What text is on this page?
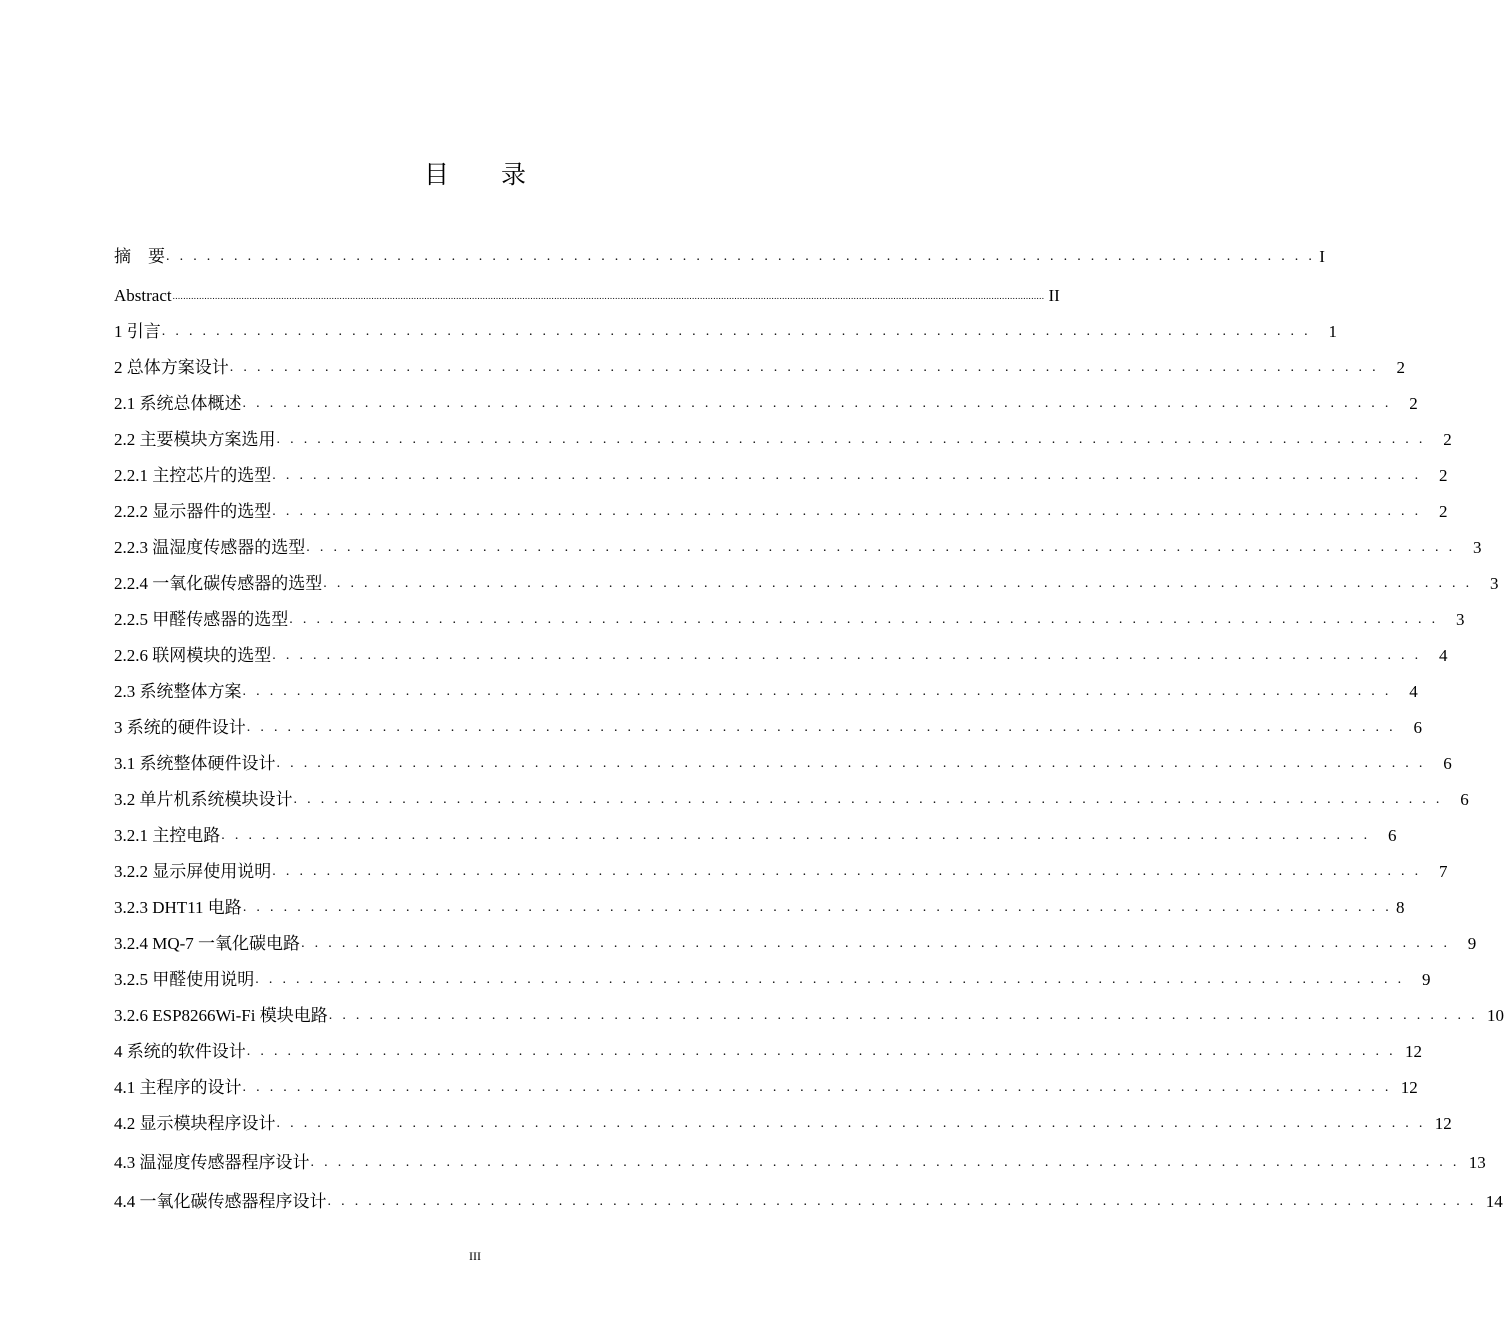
目 录
摘　要 . . . . . . . . . . . . . . . . . . . . . . . . . . . . . . . . . . . . . . . . . . . . . . . . . . . . . . . . . . . . . . . . . . . . . . . . . . . . . . . . . . . . . I
Abstract ......................................................................................................................................................................................................................................................................................................................................... II
1 引言 . . . . . . . . . . . . . . . . . . . . . . . . . . . . . . . . . . . . . . . . . . . . . . . . . . . . . . . . . . . . . . . . . . . . . . . . . . . . . . . . . . . . .	1
2 总体方案设计 . . . . . . . . . . . . . . . . . . . . . . . . . . . . . . . . . . . . . . . . . . . . . . . . . . . . . . . . . . . . . . . . . . . . . . . . . . . . . . . . . . . . .	2
2.1 系统总体概述 . . . . . . . . . . . . . . . . . . . . . . . . . . . . . . . . . . . . . . . . . . . . . . . . . . . . . . . . . . . . . . . . . . . . . . . . . . . . . . . . . . . . .	2
2.2 主要模块方案选用 . . . . . . . . . . . . . . . . . . . . . . . . . . . . . . . . . . . . . . . . . . . . . . . . . . . . . . . . . . . . . . . . . . . . . . . . . . . . . . . . . . . . .	2
2.2.1 主控芯片的选型 . . . . . . . . . . . . . . . . . . . . . . . . . . . . . . . . . . . . . . . . . . . . . . . . . . . . . . . . . . . . . . . . . . . . . . . . . . . . . . . . . . . . .	2
2.2.2 显示器件的选型 . . . . . . . . . . . . . . . . . . . . . . . . . . . . . . . . . . . . . . . . . . . . . . . . . . . . . . . . . . . . . . . . . . . . . . . . . . . . . . . . . . . . .	2
2.2.3 温湿度传感器的选型 . . . . . . . . . . . . . . . . . . . . . . . . . . . . . . . . . . . . . . . . . . . . . . . . . . . . . . . . . . . . . . . . . . . . . . . . . . . . . . . . . . . . .	3
2.2.4 一氧化碳传感器的选型 . . . . . . . . . . . . . . . . . . . . . . . . . . . . . . . . . . . . . . . . . . . . . . . . . . . . . . . . . . . . . . . . . . . . . . . . . . . . . . . . . . . . .	3
2.2.5 甲醛传感器的选型 . . . . . . . . . . . . . . . . . . . . . . . . . . . . . . . . . . . . . . . . . . . . . . . . . . . . . . . . . . . . . . . . . . . . . . . . . . . . . . . . . . . . .	3
2.2.6 联网模块的选型 . . . . . . . . . . . . . . . . . . . . . . . . . . . . . . . . . . . . . . . . . . . . . . . . . . . . . . . . . . . . . . . . . . . . . . . . . . . . . . . . . . . . .	4
2.3 系统整体方案 . . . . . . . . . . . . . . . . . . . . . . . . . . . . . . . . . . . . . . . . . . . . . . . . . . . . . . . . . . . . . . . . . . . . . . . . . . . . . . . . . . . . .	4
3 系统的硬件设计 . . . . . . . . . . . . . . . . . . . . . . . . . . . . . . . . . . . . . . . . . . . . . . . . . . . . . . . . . . . . . . . . . . . . . . . . . . . . . . . . . . . . .	6
3.1 系统整体硬件设计 . . . . . . . . . . . . . . . . . . . . . . . . . . . . . . . . . . . . . . . . . . . . . . . . . . . . . . . . . . . . . . . . . . . . . . . . . . . . . . . . . . . . .	6
3.2 单片机系统模块设计 . . . . . . . . . . . . . . . . . . . . . . . . . . . . . . . . . . . . . . . . . . . . . . . . . . . . . . . . . . . . . . . . . . . . . . . . . . . . . . . . . . . . .	6
3.2.1 主控电路 . . . . . . . . . . . . . . . . . . . . . . . . . . . . . . . . . . . . . . . . . . . . . . . . . . . . . . . . . . . . . . . . . . . . . . . . . . . . . . . . . . . . .	6
3.2.2 显示屏使用说明 . . . . . . . . . . . . . . . . . . . . . . . . . . . . . . . . . . . . . . . . . . . . . . . . . . . . . . . . . . . . . . . . . . . . . . . . . . . . . . . . . . . . .	7
3.2.3 DHT11 电路 . . . . . . . . . . . . . . . . . . . . . . . . . . . . . . . . . . . . . . . . . . . . . . . . . . . . . . . . . . . . . . . . . . . . . . . . . . . . . . . . . . . . . 8
3.2.4 MQ-7 一氧化碳电路 . . . . . . . . . . . . . . . . . . . . . . . . . . . . . . . . . . . . . . . . . . . . . . . . . . . . . . . . . . . . . . . . . . . . . . . . . . . . . . . . . . . . .	9
3.2.5 甲醛使用说明 . . . . . . . . . . . . . . . . . . . . . . . . . . . . . . . . . . . . . . . . . . . . . . . . . . . . . . . . . . . . . . . . . . . . . . . . . . . . . . . . . . . . .	9
3.2.6 ESP8266Wi-Fi 模块电路 . . . . . . . . . . . . . . . . . . . . . . . . . . . . . . . . . . . . . . . . . . . . . . . . . . . . . . . . . . . . . . . . . . . . . . . . . . . . . . . . . . . . . 10
4 系统的软件设计 . . . . . . . . . . . . . . . . . . . . . . . . . . . . . . . . . . . . . . . . . . . . . . . . . . . . . . . . . . . . . . . . . . . . . . . . . . . . . . . . . . . . . 12
4.1 主程序的设计 . . . . . . . . . . . . . . . . . . . . . . . . . . . . . . . . . . . . . . . . . . . . . . . . . . . . . . . . . . . . . . . . . . . . . . . . . . . . . . . . . . . . . 12
4.2 显示模块程序设计 . . . . . . . . . . . . . . . . . . . . . . . . . . . . . . . . . . . . . . . . . . . . . . . . . . . . . . . . . . . . . . . . . . . . . . . . . . . . . . . . . . . . . 12
4.3 温湿度传感器程序设计 . . . . . . . . . . . . . . . . . . . . . . . . . . . . . . . . . . . . . . . . . . . . . . . . . . . . . . . . . . . . . . . . . . . . . . . . . . . . . . . . . . . . . 13
4.4 一氧化碳传感器程序设计 . . . . . . . . . . . . . . . . . . . . . . . . . . . . . . . . . . . . . . . . . . . . . . . . . . . . . . . . . . . . . . . . . . . . . . . . . . . . . . . . . . . . . 14
III
